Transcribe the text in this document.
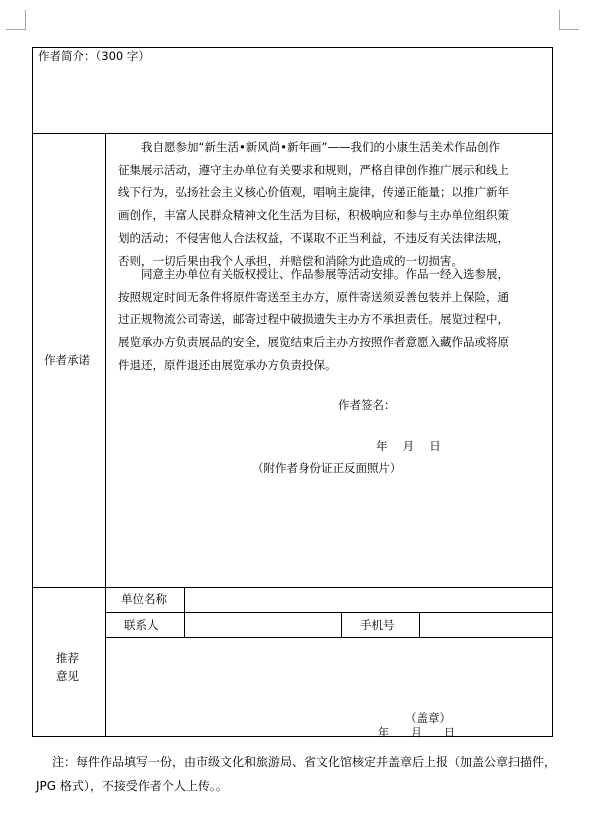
作者简介：（300 字）
作者承诺
我自愿参加“新生活•新风尚•新年画”——我们的小康生活美术作品创作
征集展示活动，遵守主办单位有关要求和规则，严格自律创作推广展示和线上
线下行为，弘扬社会主义核心价值观，唱响主旋律，传递正能量；以推广新年
画创作，丰富人民群众精神文化生活为目标，积极响应和参与主办单位组织策
划的活动；不侵害他人合法权益，不谋取不正当利益，不违反有关法律法规，
否则，一切后果由我个人承担，并赔偿和消除为此造成的一切损害。
同意主办单位有关版权授让、作品参展等活动安排。作品一经入选参展，
按照规定时间无条件将原件寄送至主办方，原件寄送须妥善包装并上保险，通
过正规物流公司寄送，邮寄过程中破损遗失主办方不承担责任。展览过程中，
展览承办方负责展品的安全，展览结束后主办方按照作者意愿入藏作品或将原
件退还，原件退还由展览承办方负责投保。
作者签名：
年　 月　 日
（附作者身份证正反面照片）
推荐
意见
单位名称
联系人	手机号
（盖章）
年　　月　　日
注：每件作品填写一份，由市级文化和旅游局、省文化馆核定并盖章后上报（加盖公章扫描件，JPG 格式），不接受作者个人上传。。
